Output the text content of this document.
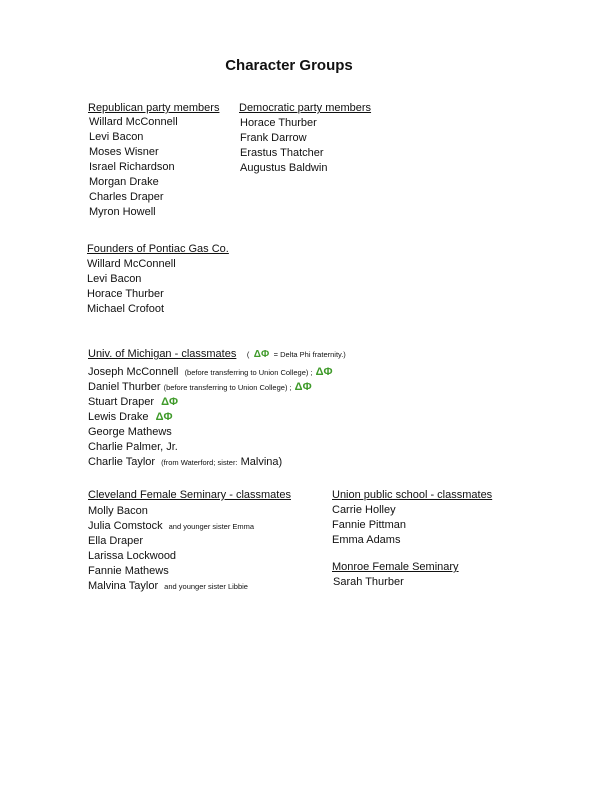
Character Groups
Republican party members
Willard McConnell
Levi Bacon
Moses Wisner
Israel Richardson
Morgan Drake
Charles Draper
Myron Howell
Democratic party members
Horace Thurber
Frank Darrow
Erastus Thatcher
Augustus Baldwin
Founders of Pontiac Gas Co.
Willard McConnell
Levi Bacon
Horace Thurber
Michael Crofoot
Univ. of Michigan - classmates ( ΔΦ = Delta Phi fraternity.)
Joseph McConnell (before transferring to Union College) ; ΔΦ
Daniel Thurber (before transferring to Union College) ; ΔΦ
Stuart Draper ΔΦ
Lewis Drake ΔΦ
George Mathews
Charlie Palmer, Jr.
Charlie Taylor (from Waterford; sister: Malvina)
Cleveland Female Seminary - classmates
Molly Bacon
Julia Comstock and younger sister Emma
Ella Draper
Larissa Lockwood
Fannie Mathews
Malvina Taylor and younger sister Libbie
Union public school - classmates
Carrie Holley
Fannie Pittman
Emma Adams
Monroe Female Seminary
Sarah Thurber
